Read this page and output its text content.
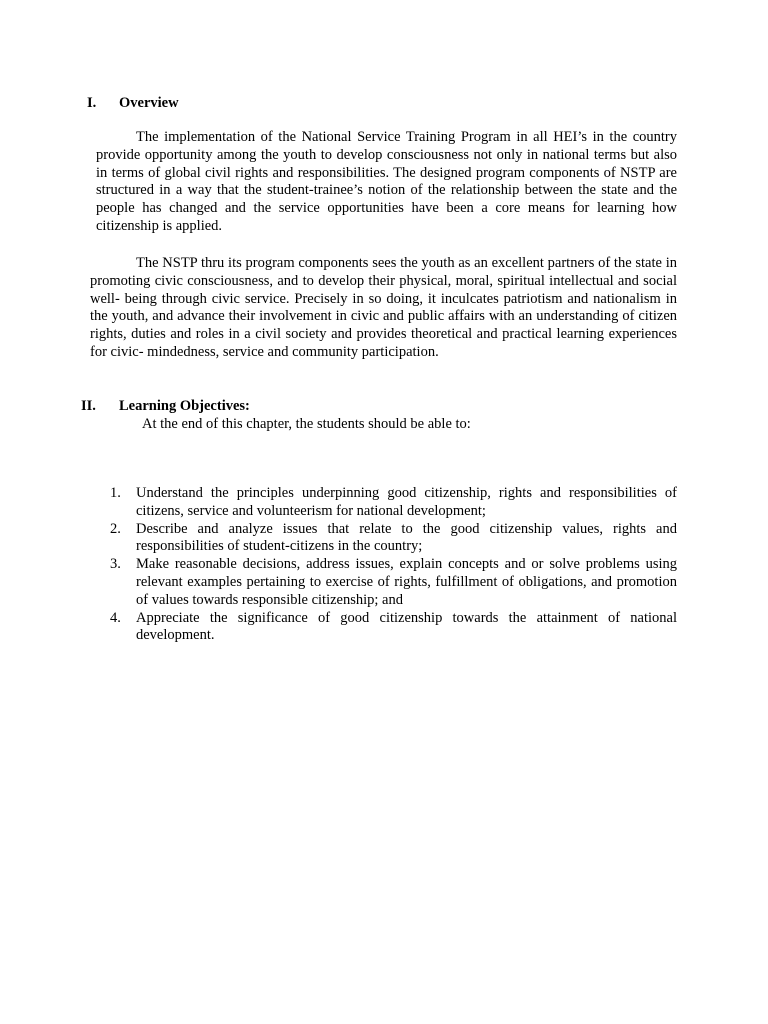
I. Overview

The implementation of the National Service Training Program in all HEI’s in the country provide opportunity among the youth to develop consciousness not only in national terms but also in terms of global civil rights and responsibilities. The designed program components of NSTP are structured in a way that the student-trainee’s notion of the relationship between the state and the people has changed and the service opportunities have been a core means for learning how citizenship is applied.

The NSTP thru its program components sees the youth as an excellent partners of the state in promoting civic consciousness, and to develop their physical, moral, spiritual intellectual and social well- being through civic service. Precisely in so doing, it inculcates patriotism and nationalism in the youth, and advance their involvement in civic and public affairs with an understanding of citizen rights, duties and roles in a civil society and provides theoretical and practical learning experiences for civic- mindedness, service and community participation.

II. Learning Objectives:
At the end of this chapter, the students should be able to:
1. Understand the principles underpinning good citizenship, rights and responsibilities of citizens, service and volunteerism for national development;
2. Describe and analyze issues that relate to the good citizenship values, rights and responsibilities of student-citizens in the country;
3. Make reasonable decisions, address issues, explain concepts and or solve problems using relevant examples pertaining to exercise of rights, fulfillment of obligations, and promotion of values towards responsible citizenship; and
4. Appreciate the significance of good citizenship towards the attainment of national development.
